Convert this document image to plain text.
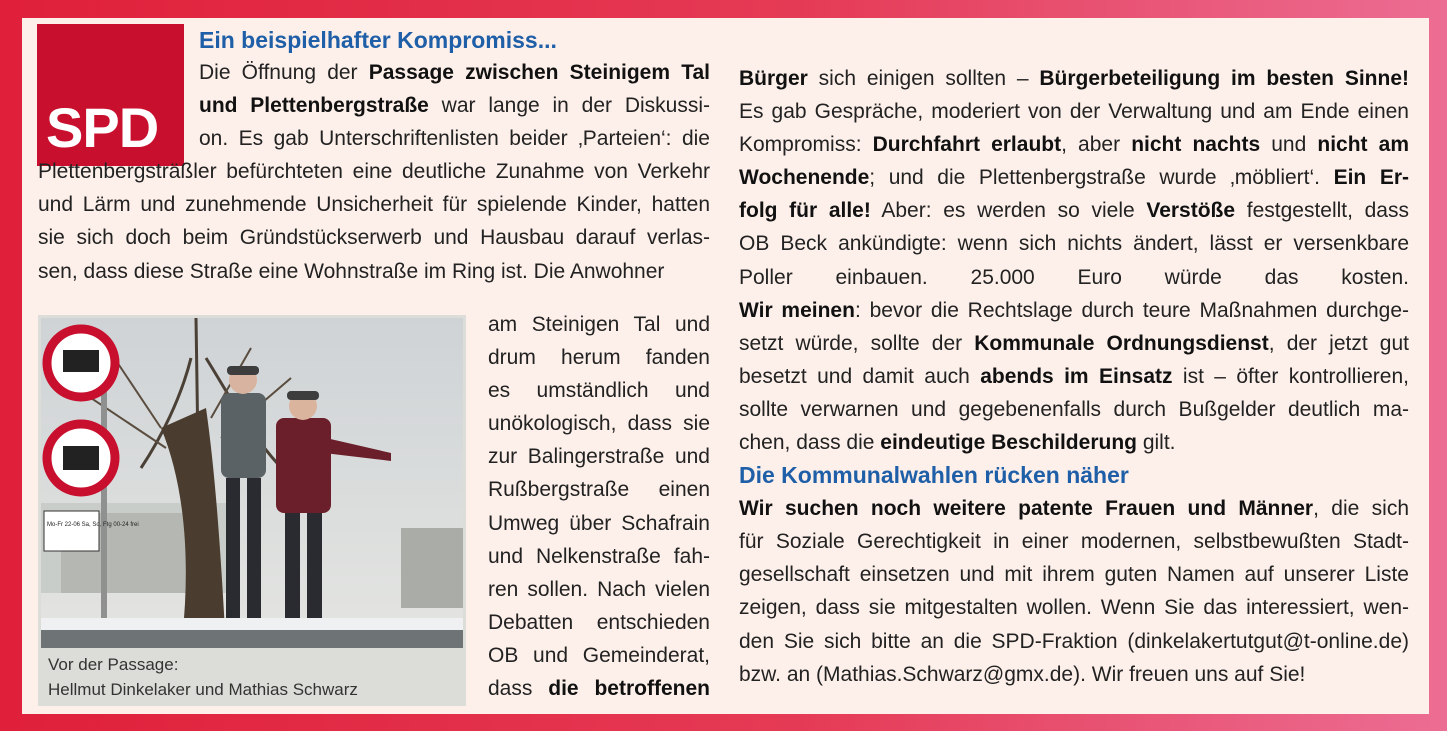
SPD
Ein beispielhafter Kompromiss...
Die Öffnung der Passage zwischen Steinigem Tal
und Plettenbergstraße war lange in der Diskussi-
on. Es gab Unterschriftenlisten beider ‚Parteien‘: die
Plettenbergsträßler befürchteten eine deutliche Zunahme von Verkehr
und Lärm und zunehmende Unsicherheit für spielende Kinder, hatten
sie sich doch beim Gründstückserwerb und Hausbau darauf verlas-
sen, dass diese Straße eine Wohnstraße im Ring ist. Die Anwohner
Mo-Fr 22-06 Sa, So, Ftg 00-24 frei
Vor der Passage:
Hellmut Dinkelaker und Mathias Schwarz
am Steinigen Tal und
drum herum fanden
es umständlich und
unökologisch, dass sie
zur Balingerstraße und
Rußbergstraße einen
Umweg über Schafrain
und Nelkenstraße fah-
ren sollen. Nach vielen
Debatten entschieden
OB und Gemeinderat,
dass die betroffenen
Bürger sich einigen sollten – Bürgerbeteiligung im besten Sinne!
Es gab Gespräche, moderiert von der Verwaltung und am Ende einen
Kompromiss: Durchfahrt erlaubt, aber nicht nachts und nicht am
Wochenende; und die Plettenbergstraße wurde ‚möbliert‘. Ein Er-
folg für alle! Aber: es werden so viele Verstöße festgestellt, dass
OB Beck ankündigte: wenn sich nichts ändert, lässt er versenkbare
Poller einbauen. 25.000 Euro würde das kosten.
Wir meinen: bevor die Rechtslage durch teure Maßnahmen durchge-
setzt würde, sollte der Kommunale Ordnungsdienst, der jetzt gut
besetzt und damit auch abends im Einsatz ist – öfter kontrollieren,
sollte verwarnen und gegebenenfalls durch Bußgelder deutlich ma-
chen, dass die eindeutige Beschilderung gilt.
Die Kommunalwahlen rücken näher
Wir suchen noch weitere patente Frauen und Männer, die sich
für Soziale Gerechtigkeit in einer modernen, selbstbewußten Stadt-
gesellschaft einsetzen und mit ihrem guten Namen auf unserer Liste
zeigen, dass sie mitgestalten wollen. Wenn Sie das interessiert, wen-
den Sie sich bitte an die SPD-Fraktion (dinkelakertutgut@t-online.de)
bzw. an (Mathias.Schwarz@gmx.de). Wir freuen uns auf Sie!
